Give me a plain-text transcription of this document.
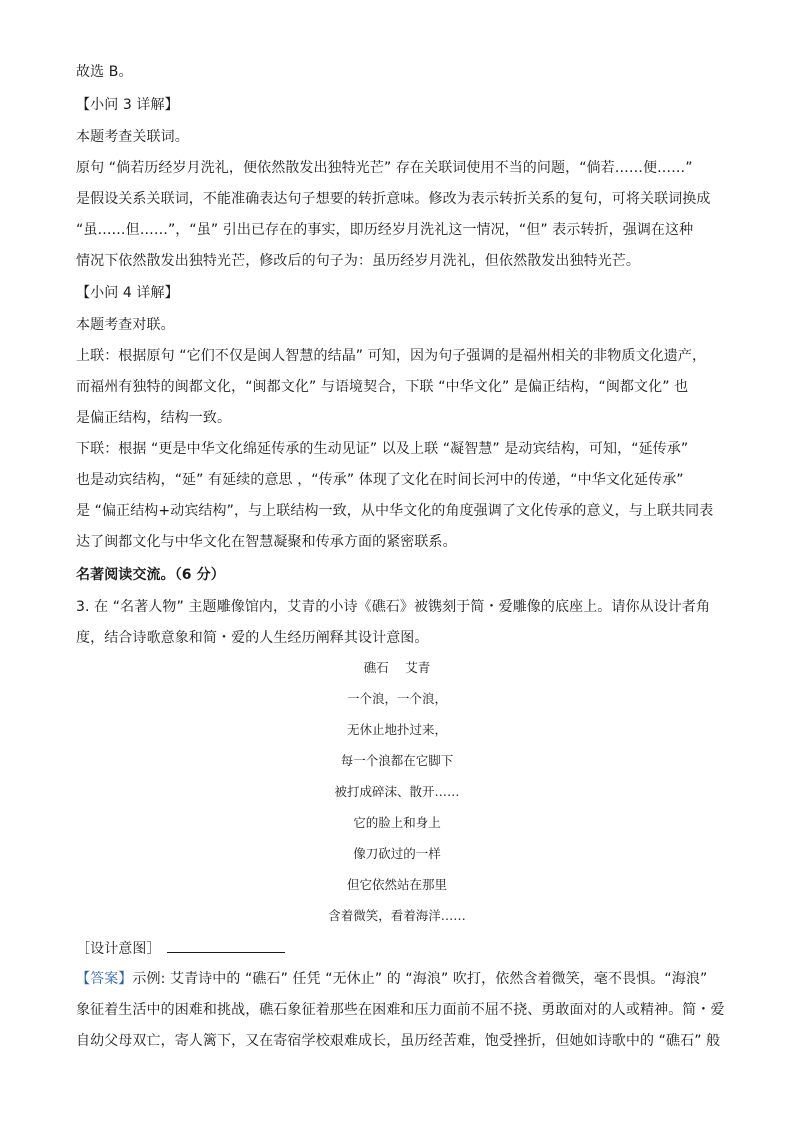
故选 B。
【小问 3 详解】
本题考查关联词。
原句 “倘若历经岁月洗礼，便依然散发出独特光芒” 存在关联词使用不当的问题，“倘若……便……”
是假设关系关联词，不能准确表达句子想要的转折意味。修改为表示转折关系的复句，可将关联词换成
“虽……但……”，“虽” 引出已存在的事实，即历经岁月洗礼这一情况，“但” 表示转折，强调在这种
情况下依然散发出独特光芒，修改后的句子为：虽历经岁月洗礼，但依然散发出独特光芒。
【小问 4 详解】
本题考查对联。
上联：根据原句 “它们不仅是闽人智慧的结晶” 可知，因为句子强调的是福州相关的非物质文化遗产，
而福州有独特的闽都文化，“闽都文化” 与语境契合，下联 “中华文化” 是偏正结构，“闽都文化” 也
是偏正结构，结构一致。
下联：根据 “更是中华文化绵延传承的生动见证” 以及上联 “凝智慧” 是动宾结构，可知，“延传承”
也是动宾结构，“延” 有延续的意思 ，“传承” 体现了文化在时间长河中的传递，“中华文化延传承”
是 “偏正结构+动宾结构”，与上联结构一致，从中华文化的角度强调了文化传承的意义，与上联共同表
达了闽都文化与中华文化在智慧凝聚和传承方面的紧密联系。
名著阅读交流。（6 分）
3. 在 “名著人物” 主题雕像馆内，艾青的小诗《礁石》被镌刻于简・爱雕像的底座上。请你从设计者角
度，结合诗歌意象和简・爱的人生经历阐释其设计意图。
礁石　 艾青
一个浪，一个浪，
无休止地扑过来，
每一个浪都在它脚下
被打成碎沫、散开……
它的脸上和身上
像刀砍过的一样
但它依然站在那里
含着微笑，看着海洋……
［设计意图］
【答案】示例: 艾青诗中的 “礁石” 任凭 “无休止” 的 “海浪” 吹打，依然含着微笑，毫不畏惧。“海浪”
象征着生活中的困难和挑战，礁石象征着那些在困难和压力面前不屈不挠、勇敢面对的人或精神。简・爱
自幼父母双亡，寄人篱下，又在寄宿学校艰难成长，虽历经苦难，饱受挫折，但她如诗歌中的 “礁石” 般
